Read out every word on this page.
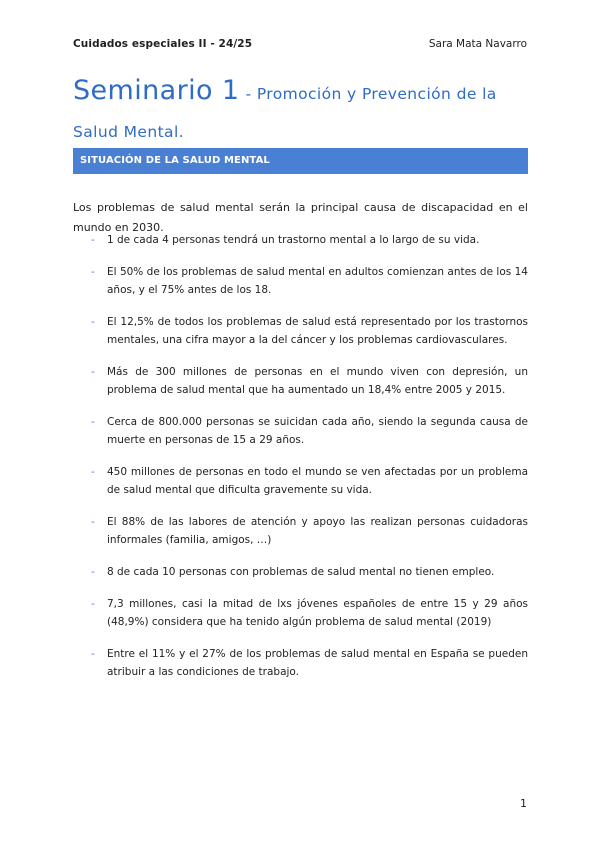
Cuidados especiales II - 24/25	Sara Mata Navarro
Seminario 1 - Promoción y Prevención de la Salud Mental.
SITUACIÓN DE LA SALUD MENTAL

Los problemas de salud mental serán la principal causa de discapacidad en el mundo en 2030.

- 1 de cada 4 personas tendrá un trastorno mental a lo largo de su vida.
- El 50% de los problemas de salud mental en adultos comienzan antes de los 14 años, y el 75% antes de los 18.
- El 12,5% de todos los problemas de salud está representado por los trastornos mentales, una cifra mayor a la del cáncer y los problemas cardiovasculares.
- Más de 300 millones de personas en el mundo viven con depresión, un problema de salud mental que ha aumentado un 18,4% entre 2005 y 2015.
- Cerca de 800.000 personas se suicidan cada año, siendo la segunda causa de muerte en personas de 15 a 29 años.
- 450 millones de personas en todo el mundo se ven afectadas por un problema de salud mental que dificulta gravemente su vida.
- El 88% de las labores de atención y apoyo las realizan personas cuidadoras informales (familia, amigos, …)
- 8 de cada 10 personas con problemas de salud mental no tienen empleo.
- 7,3 millones, casi la mitad de lxs jóvenes españoles de entre 15 y 29 años (48,9%) considera que ha tenido algún problema de salud mental (2019)
- Entre el 11% y el 27% de los problemas de salud mental en España se pueden atribuir a las condiciones de trabajo.
1
